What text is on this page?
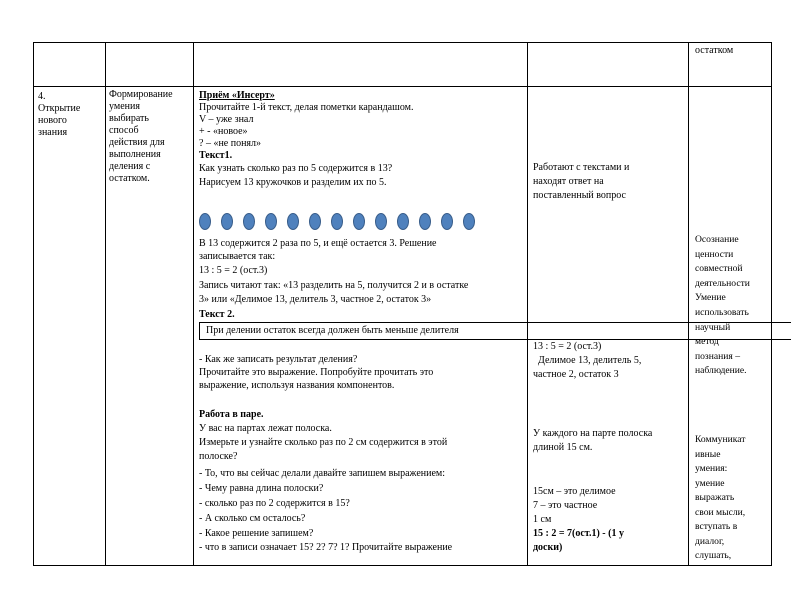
остатком
4.
Открытие
нового
знания
Формирование
умения
выбирать
способ
действия для
выполнения
деления с
остатком.
Приём «Инсерт»
Прочитайте 1-й текст, делая пометки карандашом.
V – уже знал
+ - «новое»
? – «не понял»
Текст1.
Как узнать сколько раз по 5 содержится в 13?
Нарисуем 13 кружочков и разделим их по 5.
В 13 содержится 2 раза по 5, и ещё остается 3. Решение
записывается так:
13 : 5 = 2 (ост.3)
Запись читают так: «13 разделить на 5, получится 2 и в остатке
3» или «Делимое 13, делитель 3, частное 2, остаток 3»
Текст 2.
При делении остаток всегда должен быть меньше делителя
- Как же записать результат деления?
Прочитайте это выражение. Попробуйте прочитать это
выражение, используя названия компонентов.
Работа в паре.
У вас на партах лежат полоска.
Измерьте и узнайте сколько раз по 2 см содержится в этой
полоске?
- То, что вы сейчас делали давайте запишем выражением:
- Чему равна длина полоски?
- сколько раз по 2 содержится в 15?
- А сколько см осталось?
- Какое решение запишем?
- что в записи означает 15? 2? 7? 1? Прочитайте выражение
Работают с текстами и
находят ответ на
поставленный вопрос
13 : 5 = 2 (ост.3)
Делимое 13, делитель 5,
частное 2, остаток 3
У каждого на парте полоска
длиной 15 см.
15см – это делимое
7 – это частное
1 см
15 : 2 = 7(ост.1) - (1 у
доски)
Осознание
ценности
совместной
деятельности
Умение
использовать
научный
метод
познания –
наблюдение.
Коммуникат
ивные
умения:
умение
выражать
свои мысли,
вступать в
диалог,
слушать,
